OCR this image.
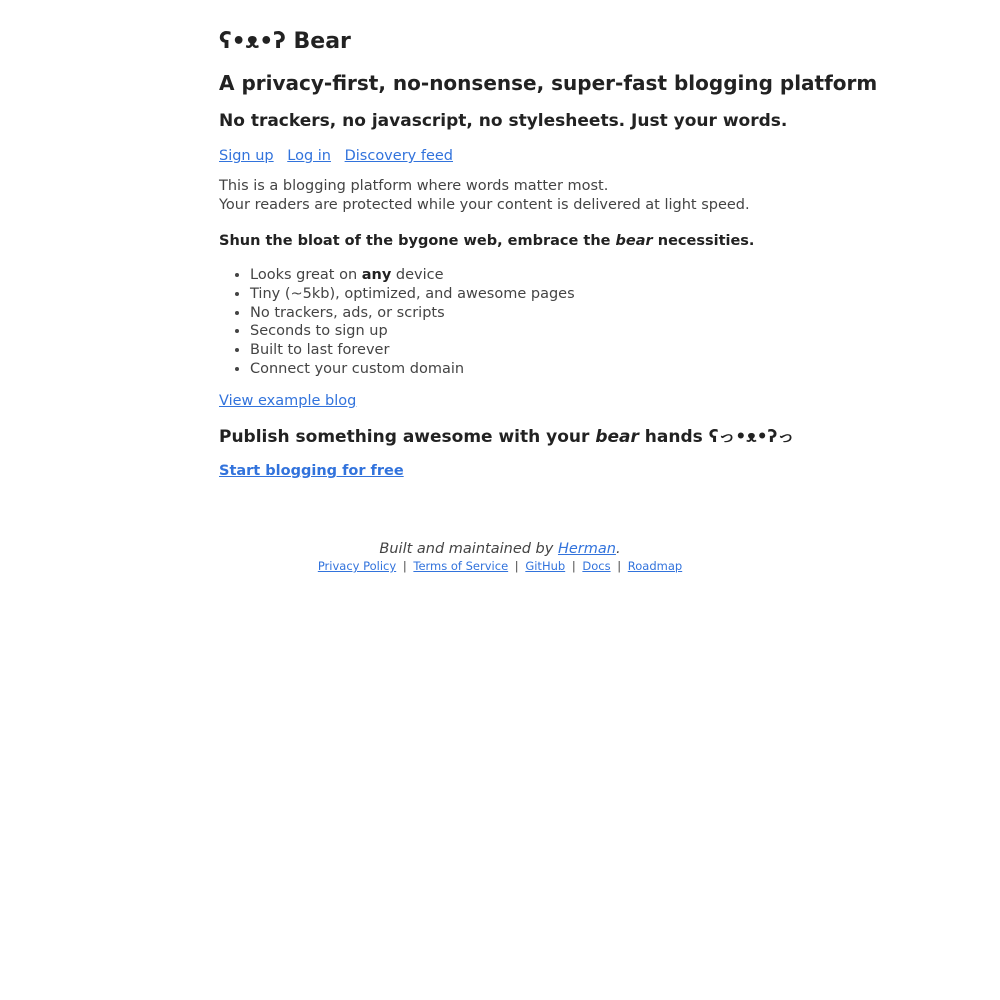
ʕ•ᴥ•ʔ Bear
A privacy-first, no-nonsense, super-fast blogging platform
No trackers, no javascript, no stylesheets. Just your words.
Sign up Log in Discovery feed

This is a blogging platform where words matter most.
Your readers are protected while your content is delivered at light speed.

Shun the bloat of the bygone web, embrace the bear necessities.

• Looks great on any device
• Tiny (~5kb), optimized, and awesome pages
• No trackers, ads, or scripts
• Seconds to sign up
• Built to last forever
• Connect your custom domain
View example blog
Publish something awesome with your bear hands ʕっ•ᴥ•ʔっ
Start blogging for free

Built and maintained by Herman.

Privacy Policy | Terms of Service | GitHub | Docs | Roadmap
